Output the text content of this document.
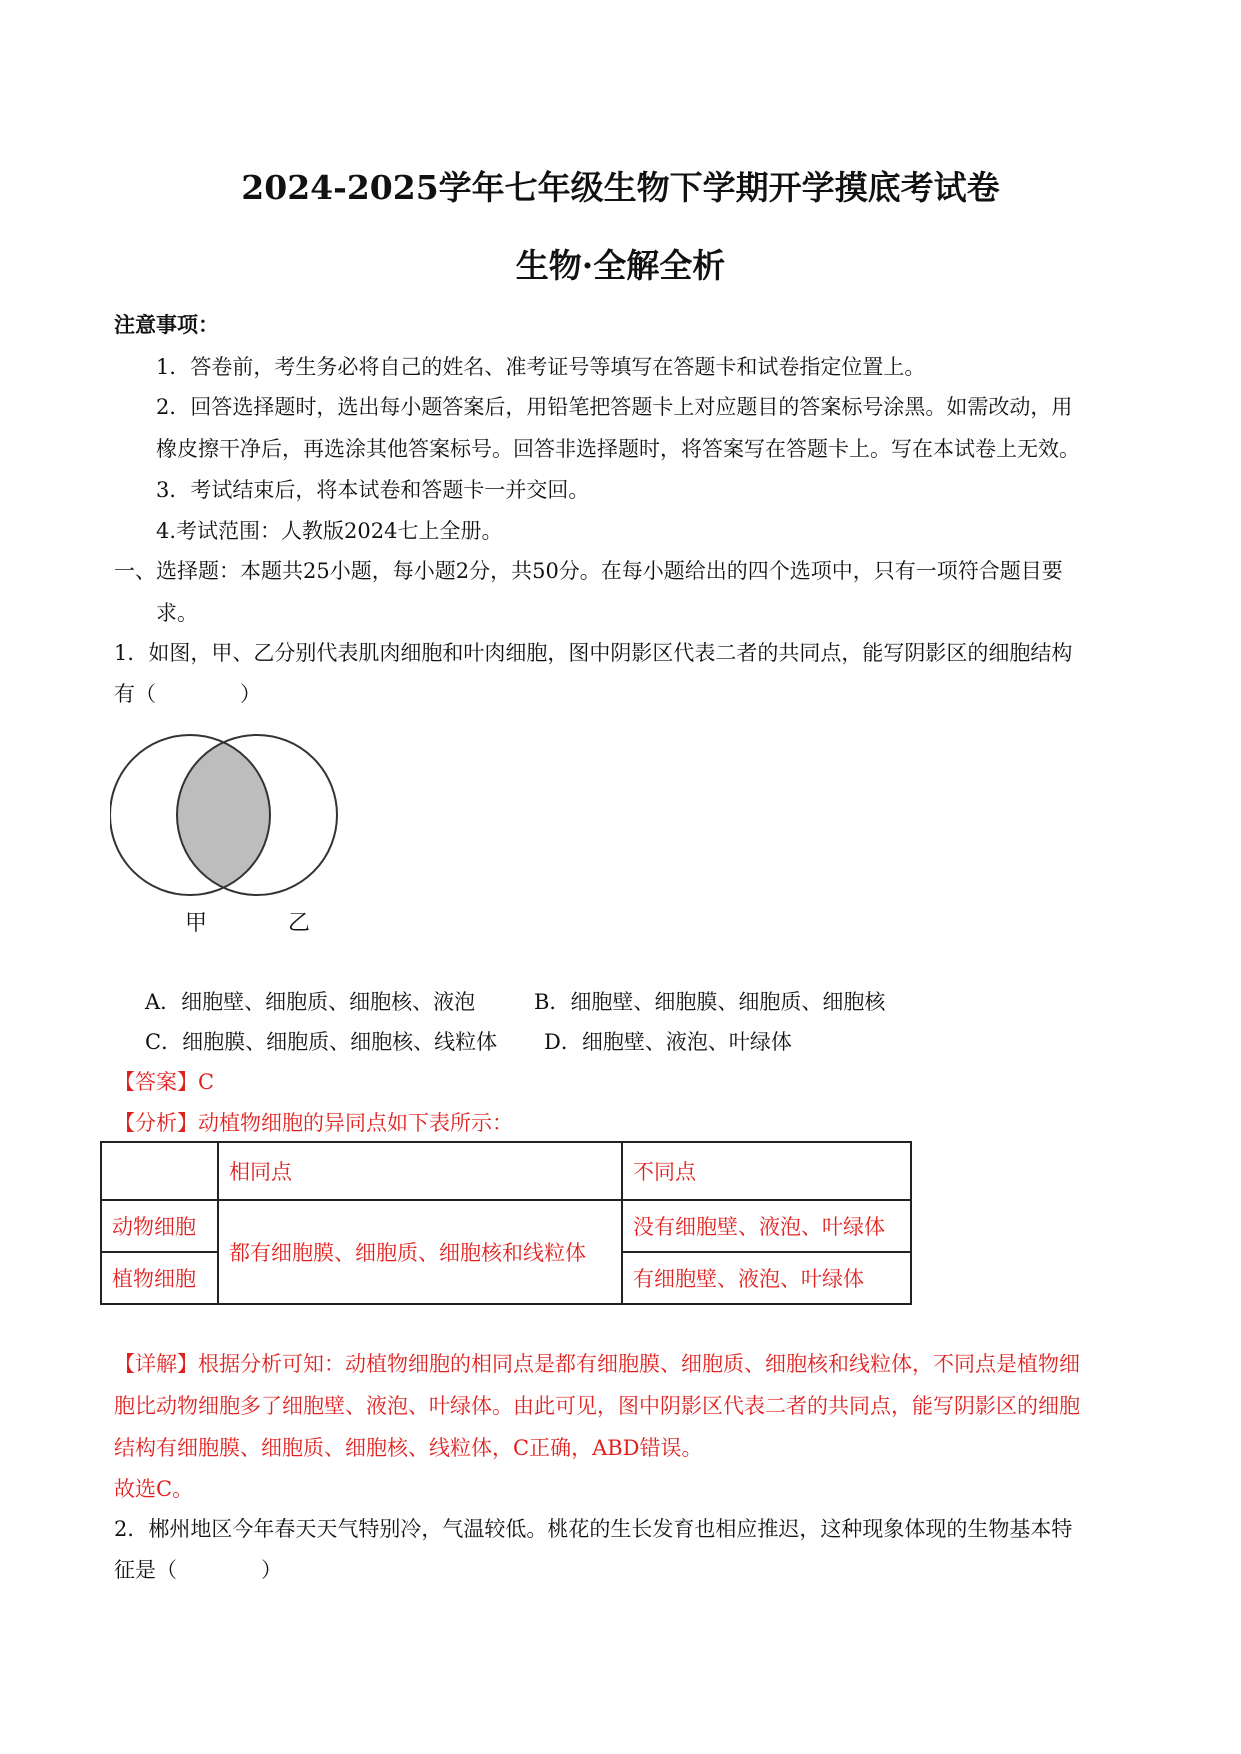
2024-2025学年七年级生物下学期开学摸底考试卷
生物·全解全析
注意事项：
1．答卷前，考生务必将自己的姓名、准考证号等填写在答题卡和试卷指定位置上。
2．回答选择题时，选出每小题答案后，用铅笔把答题卡上对应题目的答案标号涂黑。如需改动，用
橡皮擦干净后，再选涂其他答案标号。回答非选择题时，将答案写在答题卡上。写在本试卷上无效。
3．考试结束后，将本试卷和答题卡一并交回。
4.考试范围：人教版2024七上全册。
一、选择题：本题共25小题，每小题2分，共50分。在每小题给出的四个选项中，只有一项符合题目要
求。
1．如图，甲、乙分别代表肌肉细胞和叶肉细胞，图中阴影区代表二者的共同点，能写阴影区的细胞结构
有（　　　　）
甲	乙
A．细胞壁、细胞质、细胞核、液泡	B．细胞壁、细胞膜、细胞质、细胞核
C．细胞膜、细胞质、细胞核、线粒体 D．细胞壁、液泡、叶绿体
【答案】C
【分析】动植物细胞的异同点如下表所示：
	相同点	不同点
动物细胞	都有细胞膜、细胞质、细胞核和线粒体	没有细胞壁、液泡、叶绿体
植物细胞		有细胞壁、液泡、叶绿体
【详解】根据分析可知：动植物细胞的相同点是都有细胞膜、细胞质、细胞核和线粒体，不同点是植物细
胞比动物细胞多了细胞壁、液泡、叶绿体。由此可见，图中阴影区代表二者的共同点，能写阴影区的细胞
结构有细胞膜、细胞质、细胞核、线粒体，C正确，ABD错误。
故选C。
2．郴州地区今年春天天气特别冷，气温较低。桃花的生长发育也相应推迟，这种现象体现的生物基本特
征是（　　　　）
